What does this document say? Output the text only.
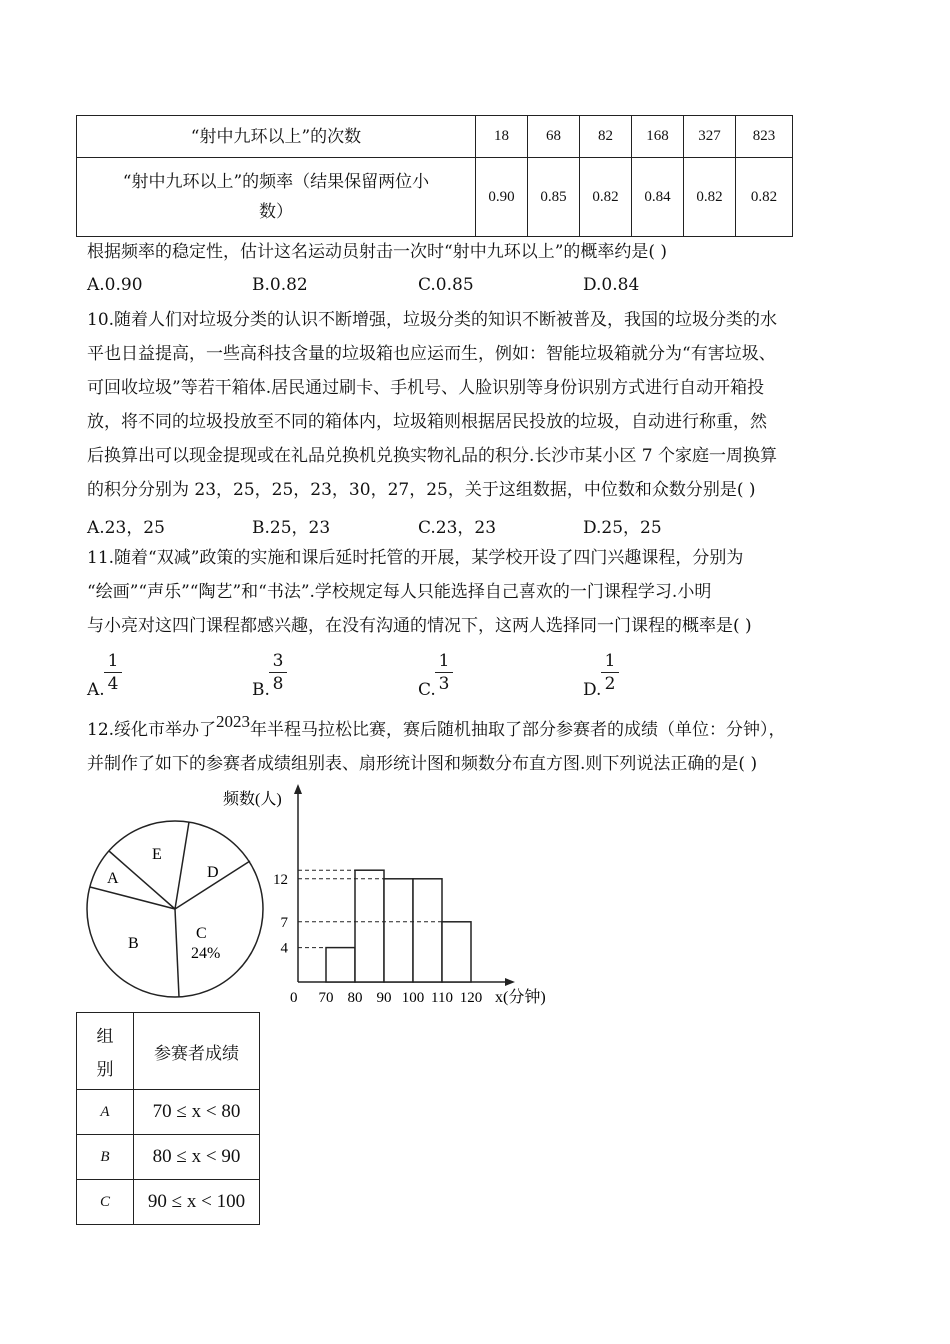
“射中九环以上”的次数	18	68	82	168	327	823

“射中九环以上”的频率（结果保留两位小
数）	0.90	0.85	0.82	0.84	0.82	0.82
根据频率的稳定性，估计这名运动员射击一次时“射中九环以上”的概率约是( )
A.0.90	B.0.82	C.0.85	D.0.84
10.随着人们对垃圾分类的认识不断增强，垃圾分类的知识不断被普及，我国的垃圾分类的水
平也日益提高，一些高科技含量的垃圾箱也应运而生，例如：智能垃圾箱就分为“有害垃圾、
可回收垃圾”等若干箱体.居民通过刷卡、手机号、人脸识别等身份识别方式进行自动开箱投
放，将不同的垃圾投放至不同的箱体内，垃圾箱则根据居民投放的垃圾，自动进行称重，然
后换算出可以现金提现或在礼品兑换机兑换实物礼品的积分.长沙市某小区 7 个家庭一周换算
的积分分别为 23，25，25，23，30，27，25，关于这组数据，中位数和众数分别是( )
A.23，25	B.25，23	C.23，23	D.25，25
11.随着“双减”政策的实施和课后延时托管的开展，某学校开设了四门兴趣课程，分别为
“绘画”“声乐”“陶艺”和“书法”.学校规定每人只能选择自己喜欢的一门课程学习.小明
与小亮对这四门课程都感兴趣，在没有沟通的情况下，这两人选择同一门课程的概率是( )
A. $\frac{1}{4}$	B. $\frac{3}{8}$	C. $\frac{1}{3}$	D. $\frac{1}{2}$
12.绥化市举办了2023年半程马拉松比赛，赛后随机抽取了部分参赛者的成绩（单位：分钟），
并制作了如下的参赛者成绩组别表、扇形统计图和频数分布直方图.则下列说法正确的是( )
E
D
A
B
C
24%
频数(人)
x(分钟)
0
4
7
12
70 80 90 100 110 120
组
别	参赛者成绩
A	70 ≤ x < 80
B	80 ≤ x < 90
C	90 ≤ x < 100
